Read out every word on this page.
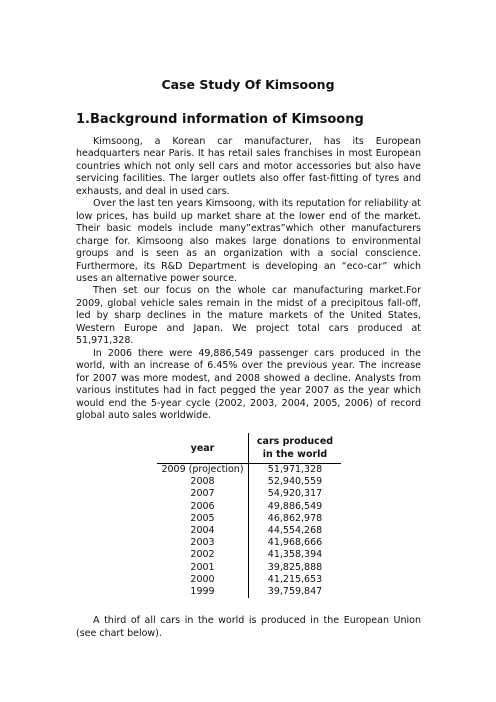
Case Study Of Kimsoong
1.Background information of Kimsoong

Kimsoong, a Korean car manufacturer, has its European headquarters near Paris. It has retail sales franchises in most European countries which not only sell cars and motor accessories but also have servicing facilities. The larger outlets also offer fast-fitting of tyres and exhausts, and deal in used cars.

Over the last ten years Kimsoong, with its reputation for reliability at low prices, has build up market share at the lower end of the market. Their basic models include many”extras”which other manufacturers charge for. Kimsoong also makes large donations to environmental groups and is seen as an organization with a social conscience. Furthermore, its R&D Department is developing an “eco-car” which uses an alternative power source.

Then set our focus on the whole car manufacturing market.For 2009, global vehicle sales remain in the midst of a precipitous fall-off, led by sharp declines in the mature markets of the United States, Western Europe and Japan. We project total cars produced at 51,971,328.

In 2006 there were 49,886,549 passenger cars produced in the world, with an increase of 6.45% over the previous year. The increase for 2007 was more modest, and 2008 showed a decline. Analysts from various institutes had in fact pegged the year 2007 as the year which would end the 5-year cycle (2002, 2003, 2004, 2005, 2006) of record global auto sales worldwide.

year	cars produced
in the world
2009 (projection)	51,971,328
2008	52,940,559
2007	54,920,317
2006	49,886,549
2005	46,862,978
2004	44,554,268
2003	41,968,666
2002	41,358,394
2001	39,825,888
2000	41,215,653
1999	39,759,847

A third of all cars in the world is produced in the European Union (see chart below).
